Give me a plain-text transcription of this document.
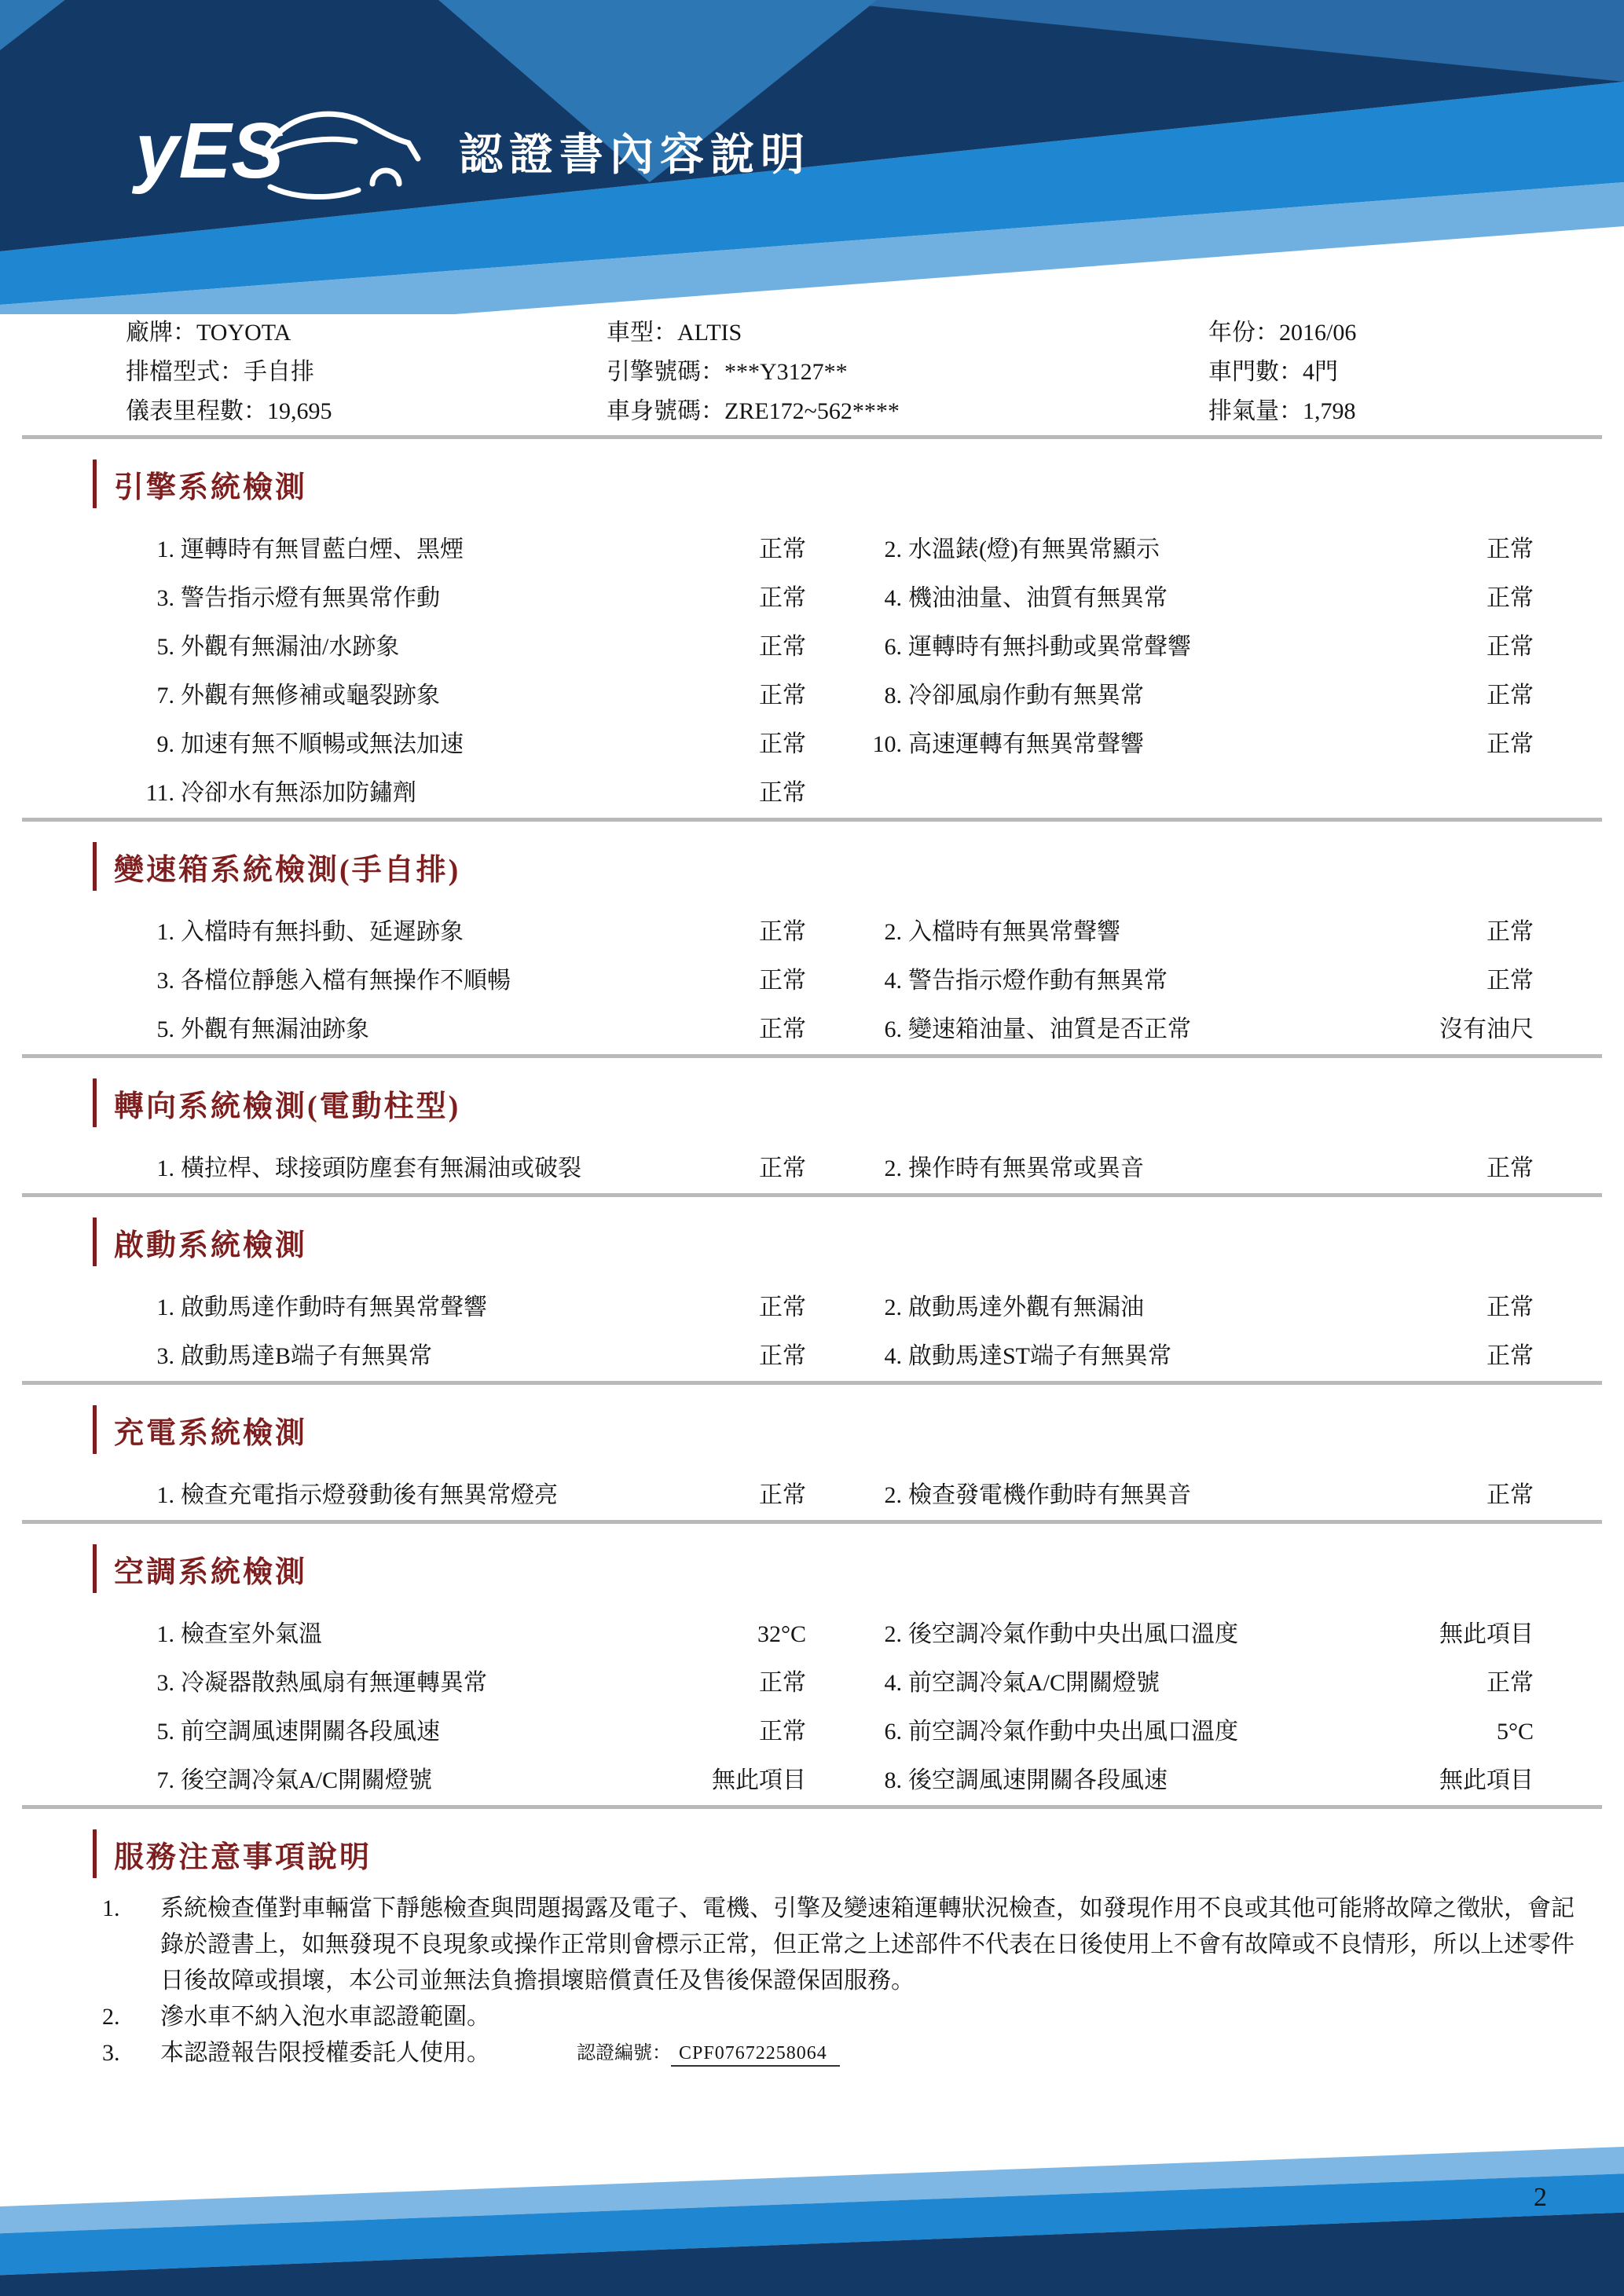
yES	認證書內容說明
廠牌：TOYOTA	車型：ALTIS	年份：2016/06
排檔型式：手自排	引擎號碼：***Y3127**	車門數：4門
儀表里程數：19,695	車身號碼：ZRE172~562****	排氣量：1,798
引擎系統檢測
1. 運轉時有無冒藍白煙、黑煙	正常	2. 水溫錶(燈)有無異常顯示	正常
3. 警告指示燈有無異常作動	正常	4. 機油油量、油質有無異常	正常
5. 外觀有無漏油/水跡象	正常	6. 運轉時有無抖動或異常聲響	正常
7. 外觀有無修補或龜裂跡象	正常	8. 冷卻風扇作動有無異常	正常
9. 加速有無不順暢或無法加速	正常	10. 高速運轉有無異常聲響	正常
11. 冷卻水有無添加防鏽劑	正常
變速箱系統檢測(手自排)
1. 入檔時有無抖動、延遲跡象	正常	2. 入檔時有無異常聲響	正常
3. 各檔位靜態入檔有無操作不順暢	正常	4. 警告指示燈作動有無異常	正常
5. 外觀有無漏油跡象	正常	6. 變速箱油量、油質是否正常	沒有油尺
轉向系統檢測(電動柱型)
1. 橫拉桿、球接頭防塵套有無漏油或破裂	正常	2. 操作時有無異常或異音	正常
啟動系統檢測
1. 啟動馬達作動時有無異常聲響	正常	2. 啟動馬達外觀有無漏油	正常
3. 啟動馬達B端子有無異常	正常	4. 啟動馬達ST端子有無異常	正常
充電系統檢測
1. 檢查充電指示燈發動後有無異常燈亮	正常	2. 檢查發電機作動時有無異音	正常
空調系統檢測
1. 檢查室外氣溫	32°C	2. 後空調冷氣作動中央出風口溫度	無此項目
3. 冷凝器散熱風扇有無運轉異常	正常	4. 前空調冷氣A/C開關燈號	正常
5. 前空調風速開關各段風速	正常	6. 前空調冷氣作動中央出風口溫度	5°C
7. 後空調冷氣A/C開關燈號	無此項目	8. 後空調風速開關各段風速	無此項目
服務注意事項說明
1.	系統檢查僅對車輛當下靜態檢查與問題揭露及電子、電機、引擎及變速箱運轉狀況檢查，如發現作用不良或其他可能將故障之徵狀，會記錄於證書上，如無發現不良現象或操作正常則會標示正常，但正常之上述部件不代表在日後使用上不會有故障或不良情形，所以上述零件日後故障或損壞，本公司並無法負擔損壞賠償責任及售後保證保固服務。
2.	滲水車不納入泡水車認證範圍。
3.	本認證報告限授權委託人使用。	認證編號： CPF07672258064
2
